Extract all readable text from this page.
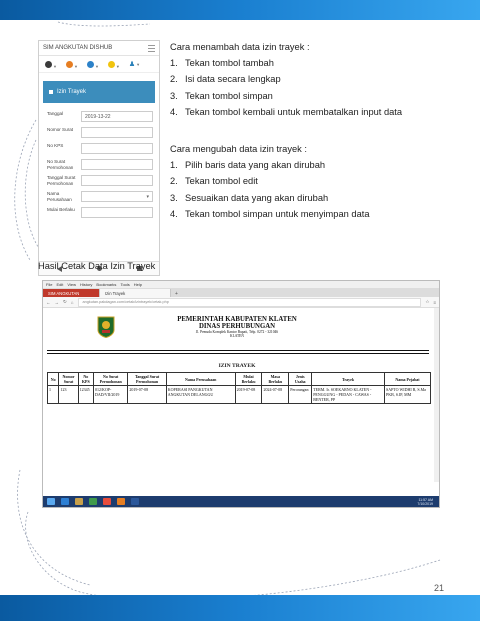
SIM ANGKUTAN DISHUB
▼	▼	▼	▼ ♟▼
Izin Trayek
Tanggal
2019-13-22
Nomor Surat
No KPS
No Surat Permohonan
Tanggal Surat Permohonan
Nama Perusahaan	▾
Mulai Berlaku

Cara menambah data izin trayek :

1. Tekan tombol tambah
2. Isi data secara lengkap
3. Tekan tombol simpan
4. Tekan tombol kembali untuk membatalkan input data

Cara mengubah data izin trayek :

1. Pilih baris data yang akan dirubah
2. Tekan tombol edit
3. Sesuaikan data yang akan dirubah
4. Tekan tombol simpan untuk menyimpan data
Hasil Cetak Data Izin Trayek
File Edit View History Bookmarks Tools Help
SIM ANGKUTAN	Izin Trayek	+
← → ↻ ⌂	angkutan.pakdagan.com/cetak/izintrayek/cetak.php	☆ ≡
PEMERINTAH KABUPATEN KLATEN
DINAS PERHUBUNGAN
Jl. Pemuda Komplek Kantor Bupati, Telp. 0272 - 321046
KLATEN
IZIN TRAYEK
No	Nomor Surat	No KPS	No Surat Permohonan	Tanggal Surat Permohonan	Nama Perusahaan	Mulai Berlaku	Masa Berlaku	Jenis Usaha	Trayek	Nama Pejabat
1	123	12345	012/KOP-DAD/VII/2019	2019-07-08	KOPERASI PANGKUTAN ANGKUTAN DELANGGU	2019-07-08	2024-07-08	Perorangan	TERM. Ir. SOEKARNO KLATEN - PENGGUNG - PEDAN - CAWAS - BENTER, PP	SAPTO WIDHI R, S.Ma PKB, S.IP, MM
11:57 AM
7/10/2019
21
